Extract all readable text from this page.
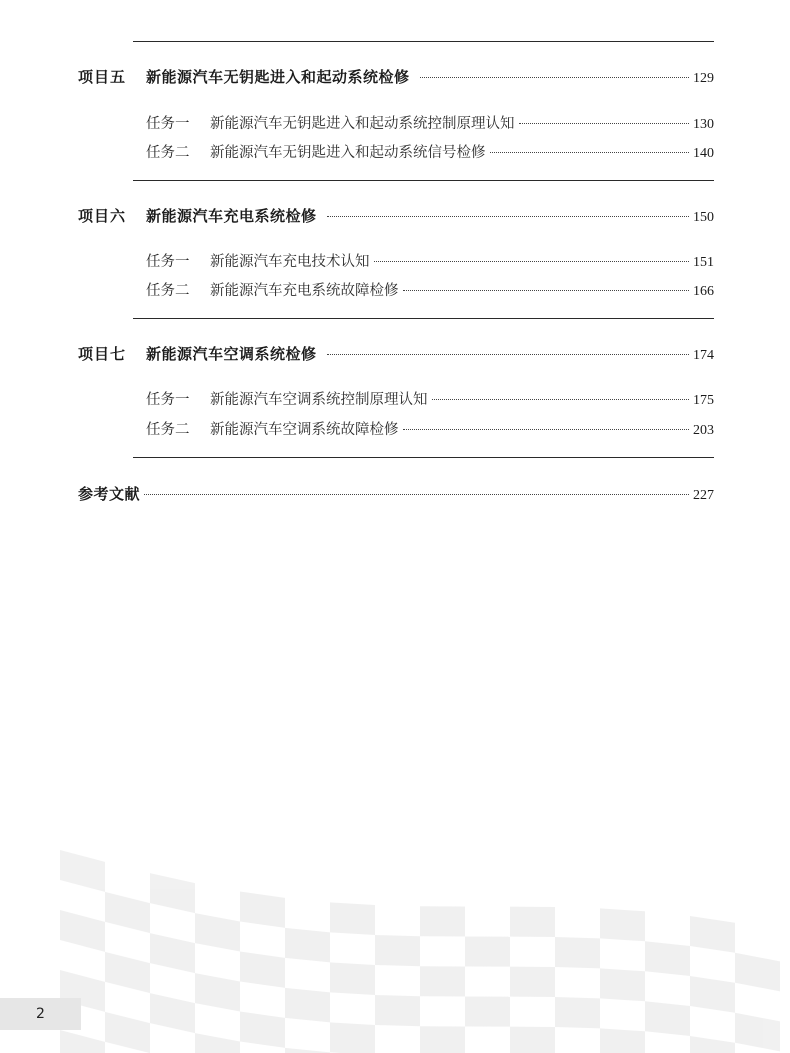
项目五	新能源汽车无钥匙进入和起动系统检修	129
任务一	新能源汽车无钥匙进入和起动系统控制原理认知	130
任务二	新能源汽车无钥匙进入和起动系统信号检修	140
项目六	新能源汽车充电系统检修	150
任务一	新能源汽车充电技术认知	151
任务二	新能源汽车充电系统故障检修	166
项目七	新能源汽车空调系统检修	174
任务一	新能源汽车空调系统控制原理认知	175
任务二	新能源汽车空调系统故障检修	203
参考文献	227
2
